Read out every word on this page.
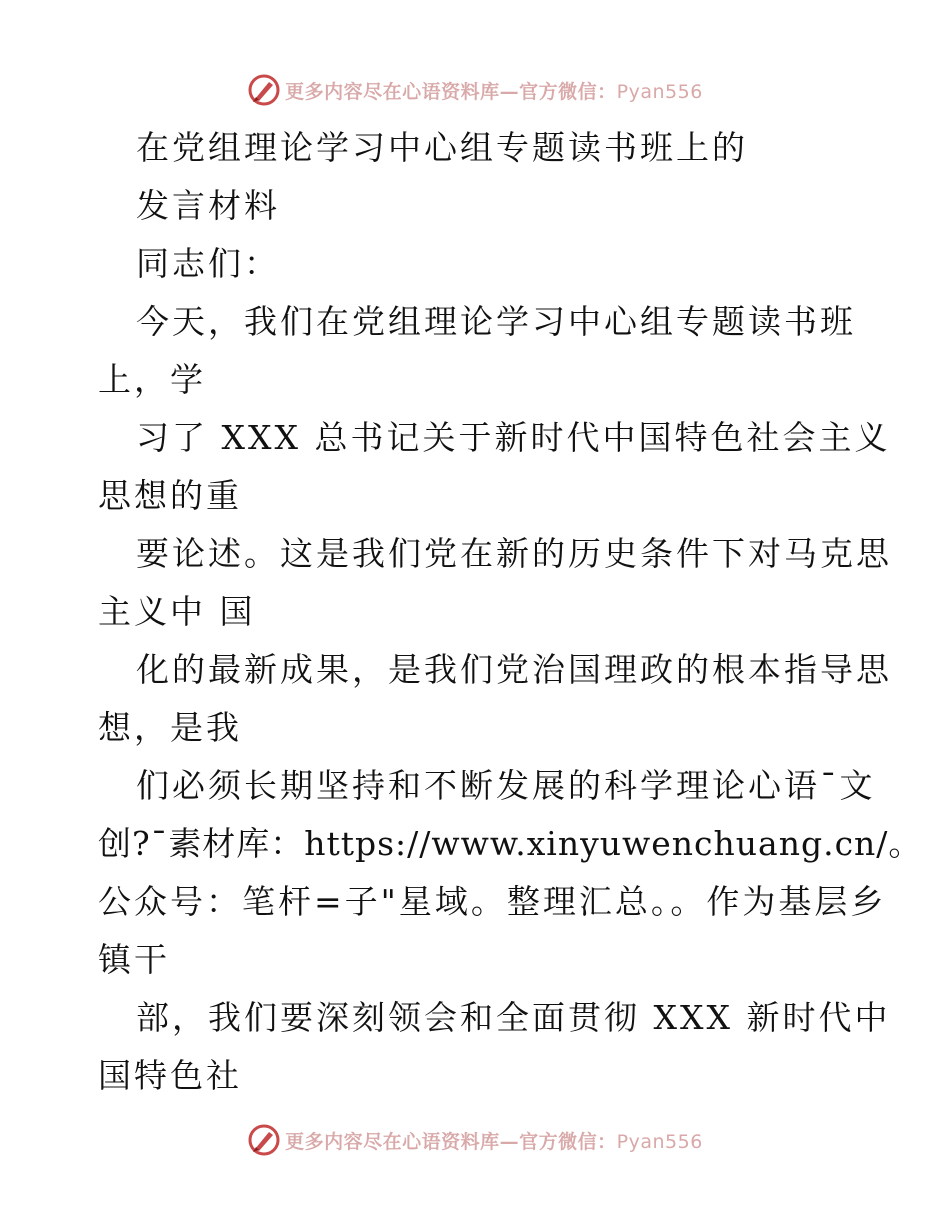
更多内容尽在心语资料库—官方微信：Pyan556
在党组理论学习中心组专题读书班上的
发言材料
同志们：
今天，我们在党组理论学习中心组专题读书班
上，学
习了 XXX 总书记关于新时代中国特色社会主义
思想的重
要论述。这是我们党在新的历史条件下对马克思
主义中 国
化的最新成果，是我们党治国理政的根本指导思
想，是我
们必须长期坚持和不断发展的科学理论心语¯文
创?¯素材库：https://www.xinyuwenchuang.cn/。
公众号：笔杆=子"星域。整理汇总。。作为基层乡
镇干
部，我们要深刻领会和全面贯彻 XXX 新时代中
国特色社
更多内容尽在心语资料库—官方微信：Pyan556
